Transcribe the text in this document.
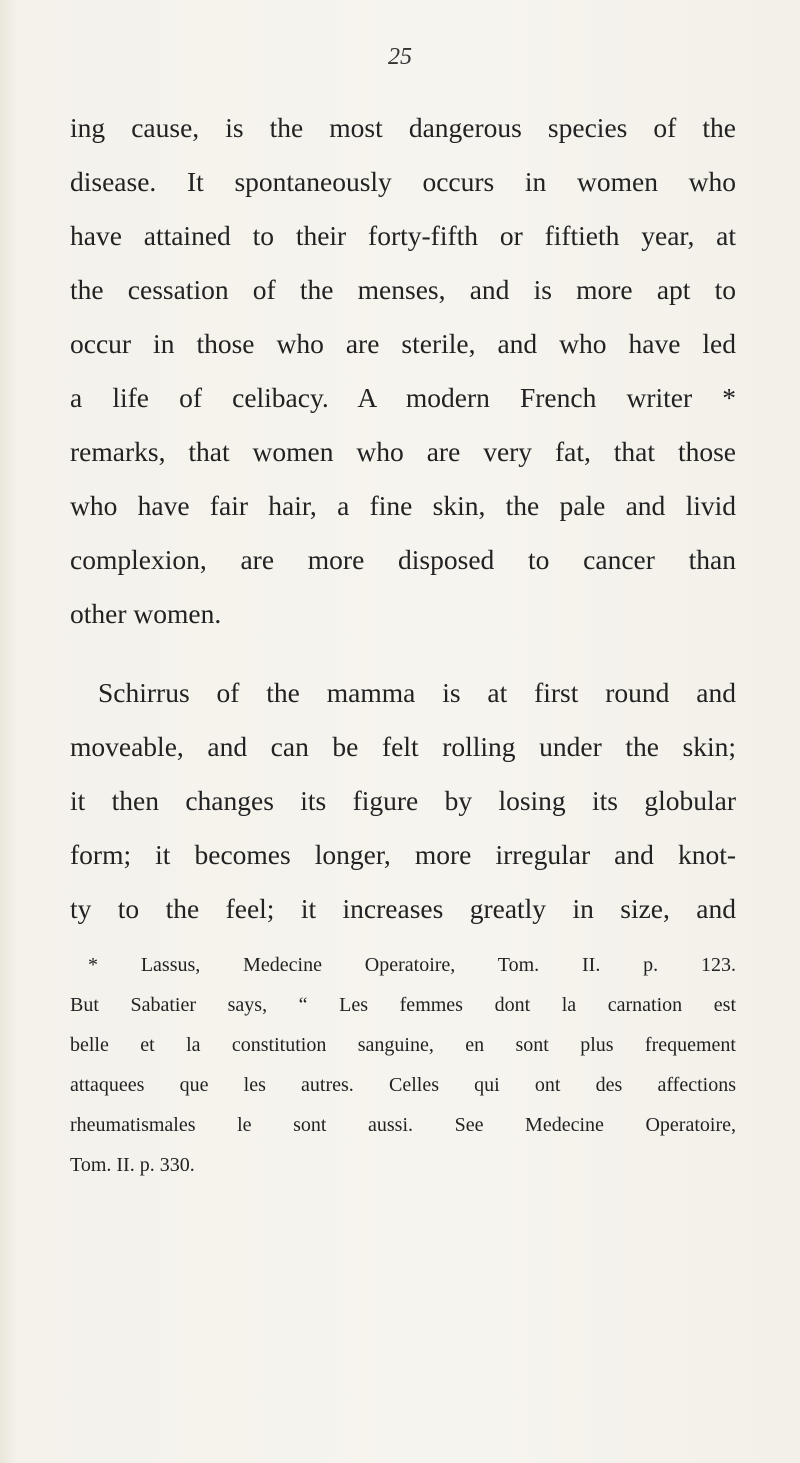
25
ing cause, is the most dangerous species of the
disease. It spontaneously occurs in women who
have attained to their forty-fifth or fiftieth year, at
the cessation of the menses, and is more apt to
occur in those who are sterile, and who have led
a life of celibacy. A modern French writer *
remarks, that women who are very fat, that those
who have fair hair, a fine skin, the pale and livid
complexion, are more disposed to cancer than
other women.
Schirrus of the mamma is at first round and
moveable, and can be felt rolling under the skin;
it then changes its figure by losing its globular
form; it becomes longer, more irregular and knot-
ty to the feel; it increases greatly in size, and
* Lassus, Medecine Operatoire, Tom. II. p. 123.
But Sabatier says, “ Les femmes dont la carnation est
belle et la constitution sanguine, en sont plus frequement
attaquees que les autres. Celles qui ont des affections
rheumatismales le sont aussi. See Medecine Operatoire,
Tom. II. p. 330.
